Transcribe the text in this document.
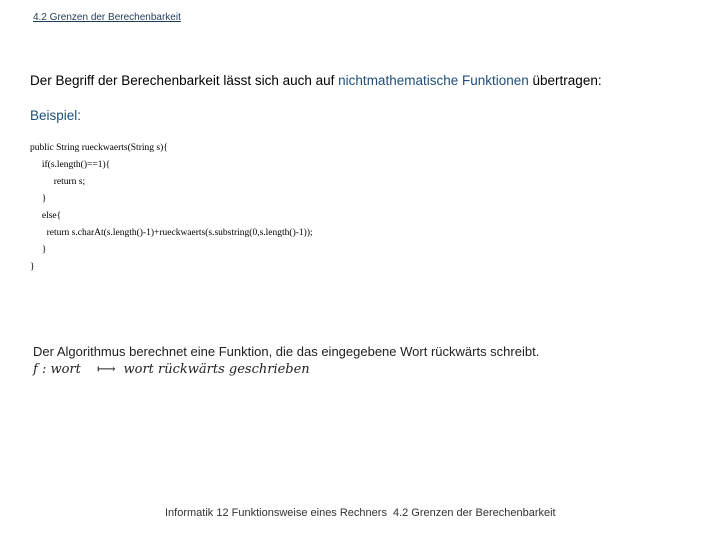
4.2 Grenzen der Berechenbarkeit
Der Begriff der Berechenbarkeit lässt sich auch auf nichtmathematische Funktionen übertragen:
Beispiel:
public String rueckwaerts(String s){
if(s.length()==1){
return s;
}
else{
return s.charAt(s.length()-1)+rueckwaerts(s.substring(0,s.length()-1));
}
}
Der Algorithmus berechnet eine Funktion, die das eingegebene Wort rückwärts schreibt.
f : wort ⟼ wort rückwärts geschrieben
Informatik 12 Funktionsweise eines Rechners 4.2 Grenzen der Berechenbarkeit
